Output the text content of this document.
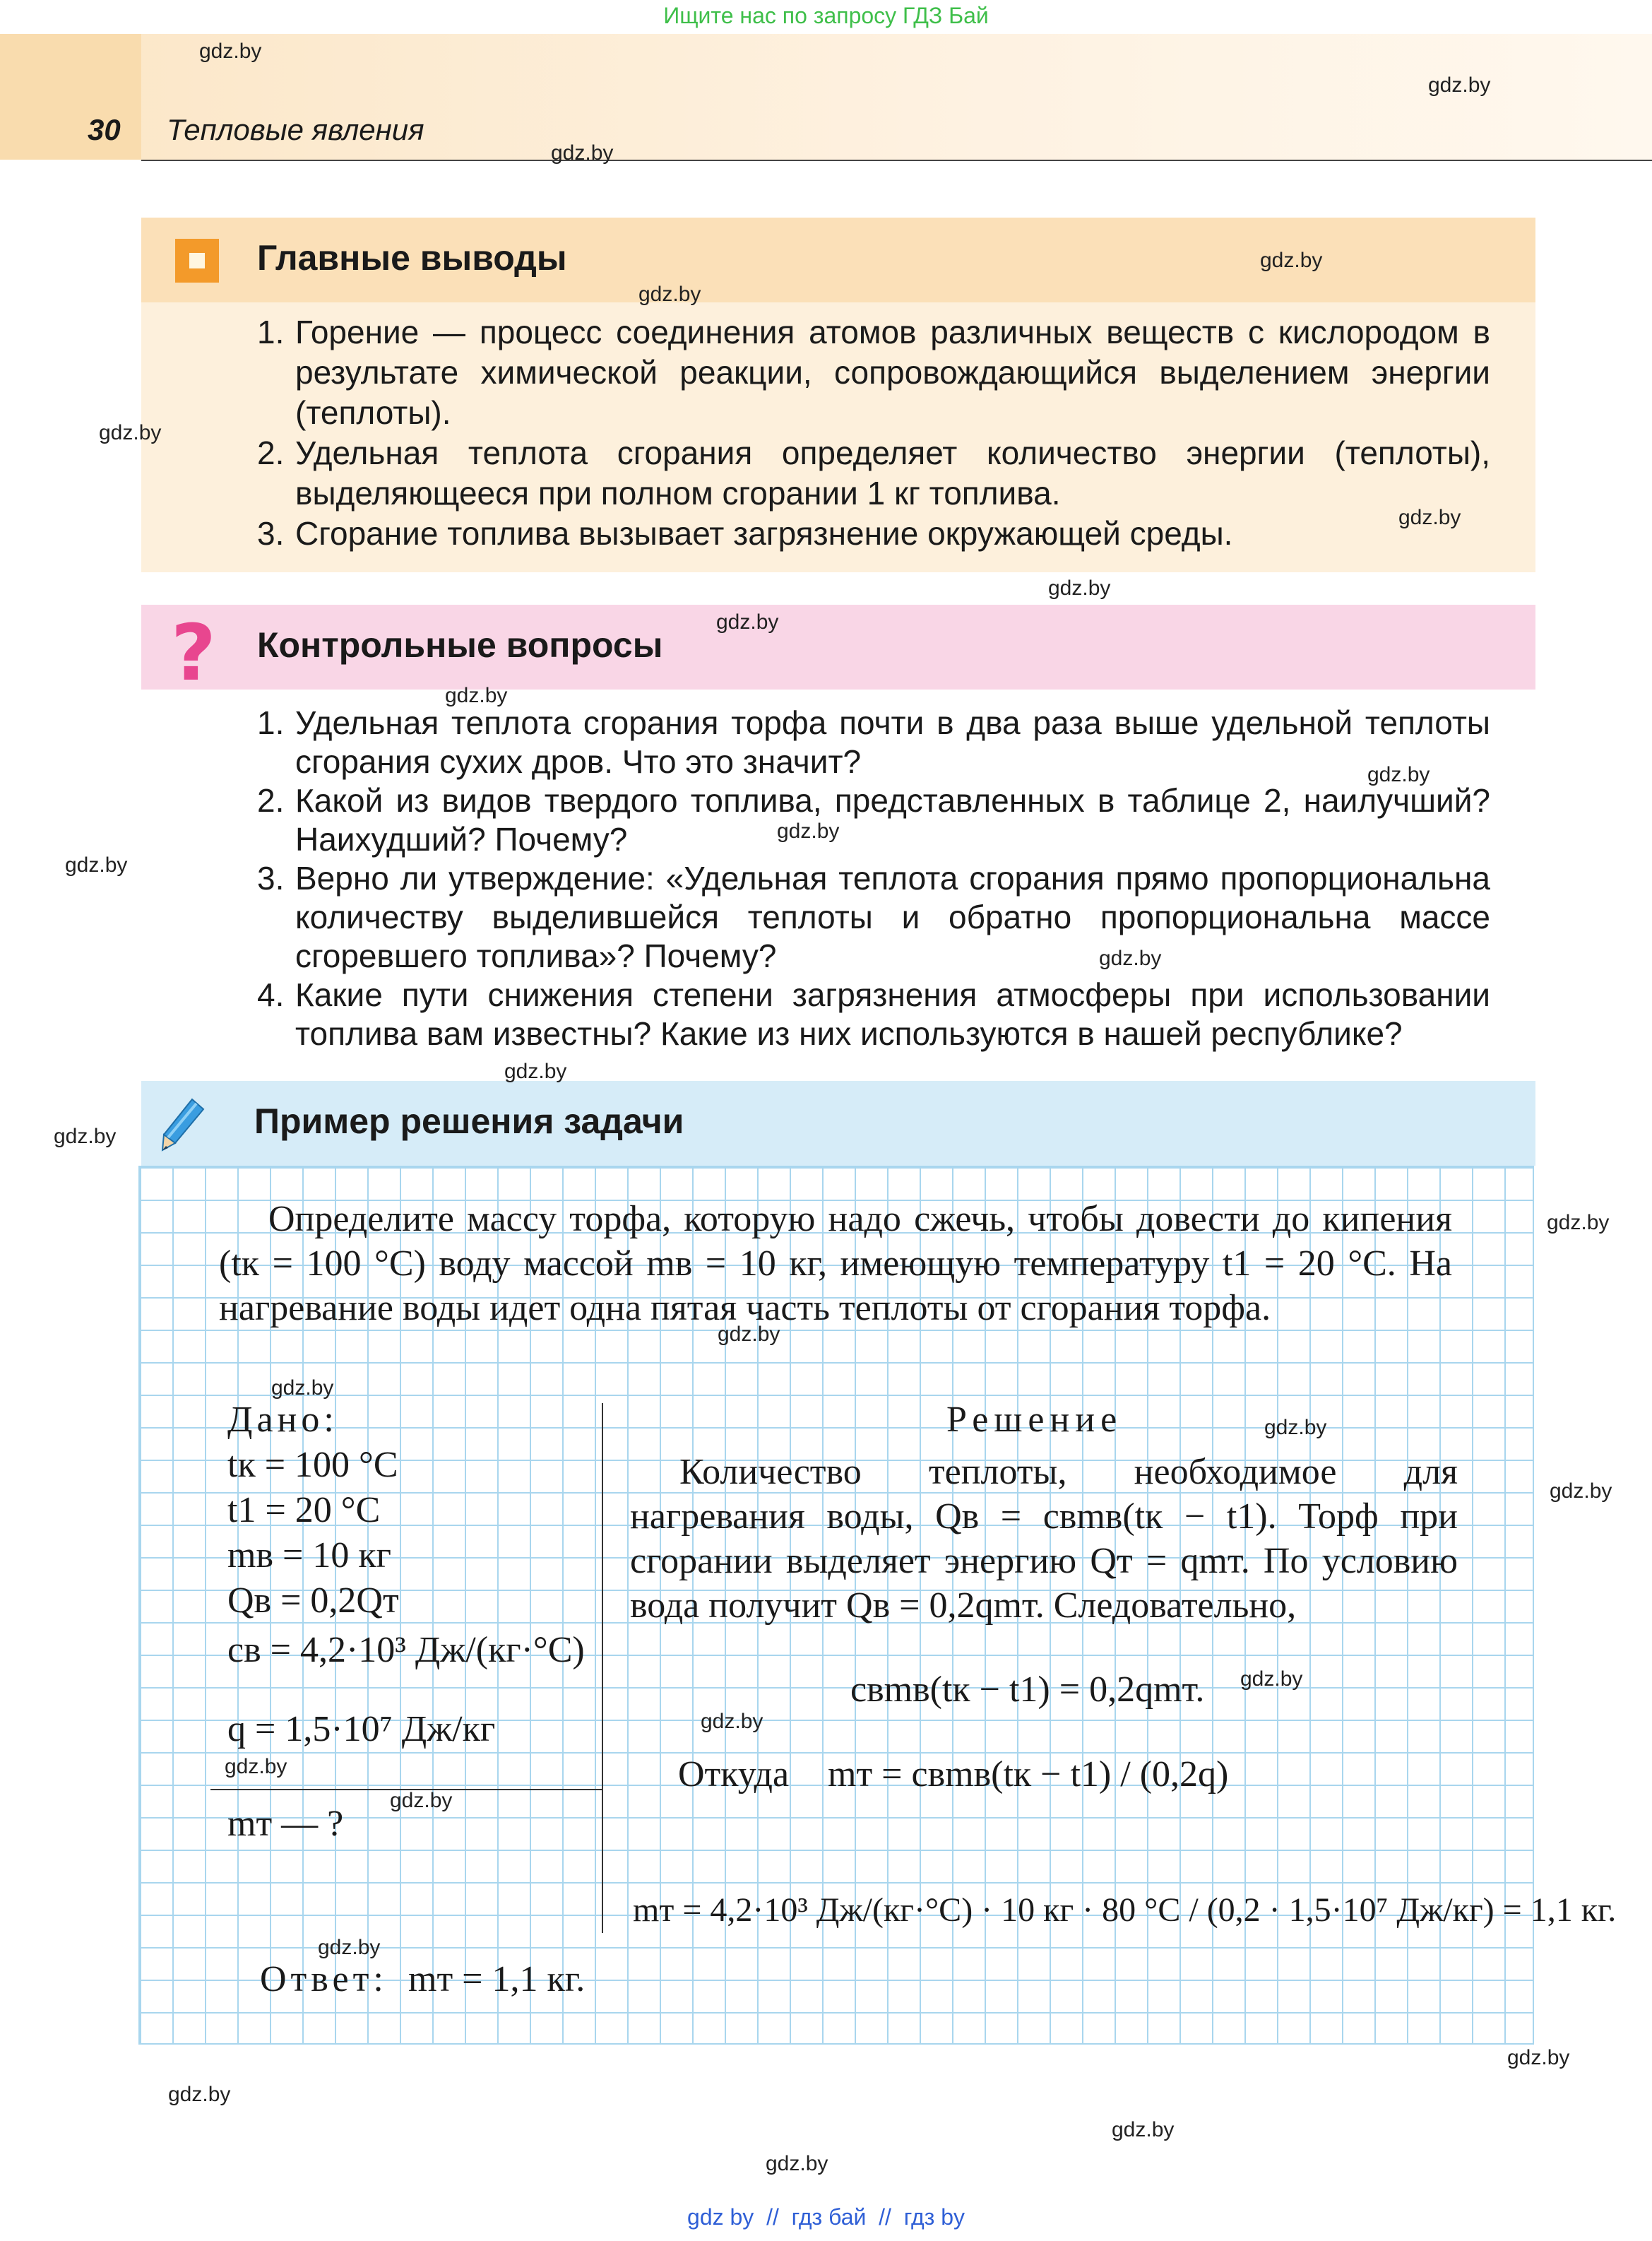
Ищите нас по запросу ГДЗ Бай
30 Тепловые явления
Главные выводы
1. Горение — процесс соединения атомов различных веществ с кислородом в результате химической реакции, сопровождающийся выделением энергии (теплоты).
2. Удельная теплота сгорания определяет количество энергии (теплоты), выделяющееся при полном сгорании 1 кг топлива.
3. Сгорание топлива вызывает загрязнение окружающей среды.
? Контрольные вопросы
1. Удельная теплота сгорания торфа почти в два раза выше удельной теплоты сгорания сухих дров. Что это значит?
2. Какой из видов твердого топлива, представленных в таблице 2, наилучший? Наихудший? Почему?
3. Верно ли утверждение: «Удельная теплота сгорания прямо пропорциональна количеству выделившейся теплоты и обратно пропорциональна массе сгоревшего топлива»? Почему?
4. Какие пути снижения степени загрязнения атмосферы при использовании топлива вам известны? Какие из них используются в нашей республике?
Пример решения задачи
Определите массу торфа, которую надо сжечь, чтобы довести до кипения (tк = 100 °C) воду массой mв = 10 кг, имеющую температуру t1 = 20 °C. На нагревание воды идет одна пятая часть теплоты от сгорания торфа.
Дано:
tк = 100 °C
t1 = 20 °C
mв = 10 кг
Qв = 0,2Qт
cв = 4,2·10³ Дж/(кг·°C)
q = 1,5·10⁷ Дж/кг
mт — ?
Решение
Количество теплоты, необходимое для нагревания воды, Qв = cвmв(tк − t1). Торф при сгорании выделяет энергию Qт = qmт. По условию вода получит Qв = 0,2qmт. Следовательно,
cвmв(tк − t1) = 0,2qmт.
Откуда mт = cвmв(tк − t1) / (0,2q)
mт = 4,2·10³ Дж/(кг·°C) · 10 кг · 80 °C / (0,2 · 1,5·10⁷ Дж/кг) = 1,1 кг.
Ответ: mт = 1,1 кг.
gdz.by
gdz.by
gdz.by
gdz.by
gdz.by
gdz.by
gdz.by
gdz.by
gdz.by
gdz.by
gdz.by
gdz.by
gdz.by
gdz.by
gdz.by
gdz.by
gdz.by
gdz.by
gdz.by
gdz.by
gdz.by
gdz.by
gdz.by
gdz.by
gdz.by
gdz.by
gdz.by
gdz.by
gdz.by
gdz.by
gdz by  //  гдз бай  //  гдз by
